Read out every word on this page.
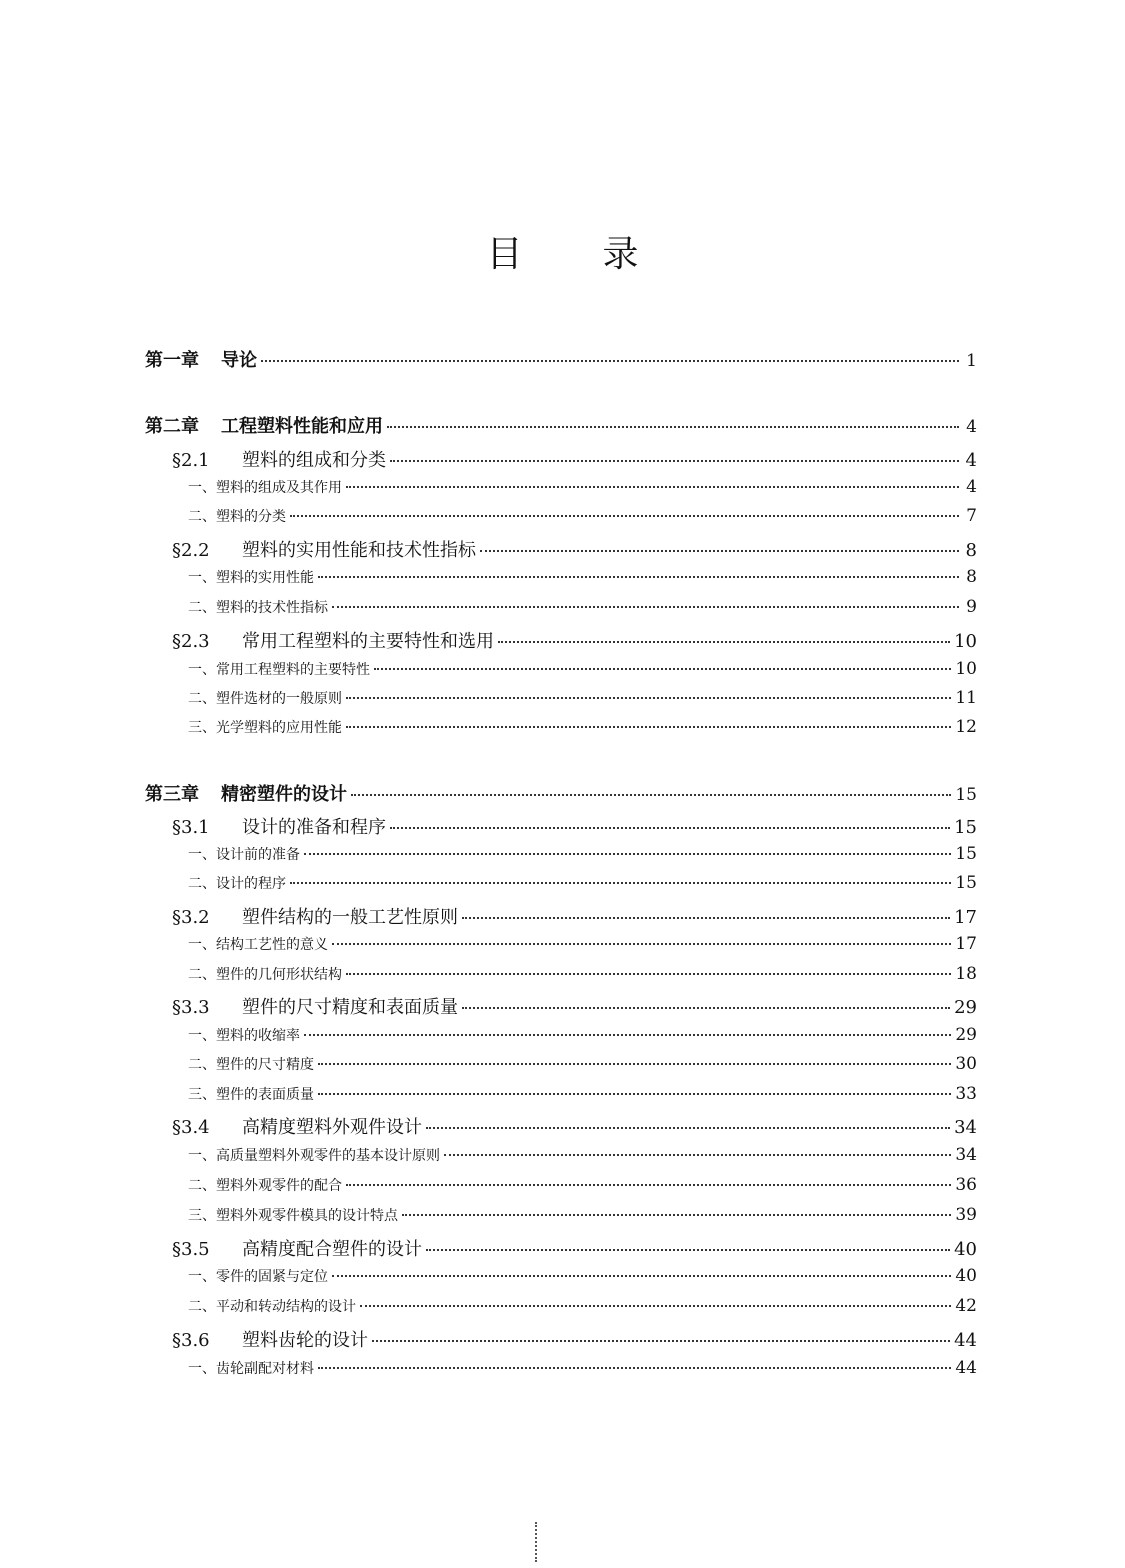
目 录
第一章 导论	1
第二章 工程塑料性能和应用	4
§2.1	塑料的组成和分类	4
一、塑料的组成及其作用	4
二、塑料的分类	7
§2.2	塑料的实用性能和技术性指标	8
一、塑料的实用性能	8
二、塑料的技术性指标	9
§2.3	常用工程塑料的主要特性和选用	10
一、常用工程塑料的主要特性	10
二、塑件选材的一般原则	11
三、光学塑料的应用性能	12
第三章 精密塑件的设计	15
§3.1	设计的准备和程序	15
一、设计前的准备	15
二、设计的程序	15
§3.2	塑件结构的一般工艺性原则	17
一、结构工艺性的意义	17
二、塑件的几何形状结构	18
§3.3	塑件的尺寸精度和表面质量	29
一、塑料的收缩率	29
二、塑件的尺寸精度	30
三、塑件的表面质量	33
§3.4	高精度塑料外观件设计	34
一、高质量塑料外观零件的基本设计原则	34
二、塑料外观零件的配合	36
三、塑料外观零件模具的设计特点	39
§3.5	高精度配合塑件的设计	40
一、零件的固紧与定位	40
二、平动和转动结构的设计	42
§3.6	塑料齿轮的设计	44
一、齿轮副配对材料	44
